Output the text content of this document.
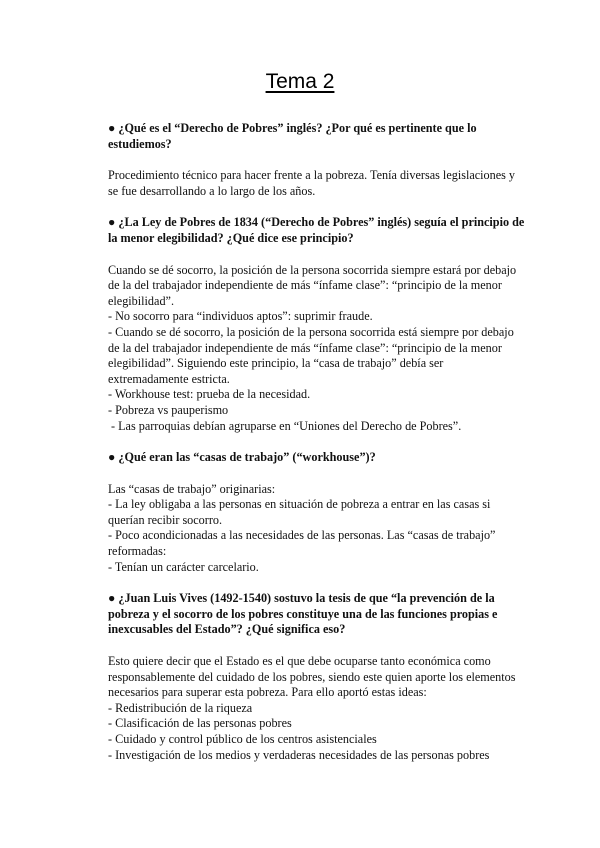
Tema 2

● ¿Qué es el “Derecho de Pobres” inglés? ¿Por qué es pertinente que lo estudiemos?

Procedimiento técnico para hacer frente a la pobreza. Tenía diversas legislaciones y se fue desarrollando a lo largo de los años.

● ¿La Ley de Pobres de 1834 (“Derecho de Pobres” inglés) seguía el principio de la menor elegibilidad? ¿Qué dice ese principio?

Cuando se dé socorro, la posición de la persona socorrida siempre estará por debajo de la del trabajador independiente de más “ínfame clase”: “principio de la menor elegibilidad”.

- No socorro para “individuos aptos”: suprimir fraude.

- Cuando se dé socorro, la posición de la persona socorrida está siempre por debajo de la del trabajador independiente de más “ínfame clase”: “principio de la menor elegibilidad”. Siguiendo este principio, la “casa de trabajo” debía ser extremadamente estricta.

- Workhouse test: prueba de la necesidad.

- Pobreza vs pauperismo

- Las parroquias debían agruparse en “Uniones del Derecho de Pobres”.

● ¿Qué eran las “casas de trabajo” (“workhouse”)?

Las “casas de trabajo” originarias:

- La ley obligaba a las personas en situación de pobreza a entrar en las casas si querían recibir socorro.

- Poco acondicionadas a las necesidades de las personas. Las “casas de trabajo” reformadas:

- Tenían un carácter carcelario.

● ¿Juan Luis Vives (1492-1540) sostuvo la tesis de que “la prevención de la pobreza y el socorro de los pobres constituye una de las funciones propias e inexcusables del Estado”? ¿Qué significa eso?

Esto quiere decir que el Estado es el que debe ocuparse tanto económica como responsablemente del cuidado de los pobres, siendo este quien aporte los elementos necesarios para superar esta pobreza. Para ello aportó estas ideas:

- Redistribución de la riqueza

- Clasificación de las personas pobres

- Cuidado y control público de los centros asistenciales

- Investigación de los medios y verdaderas necesidades de las personas pobres
